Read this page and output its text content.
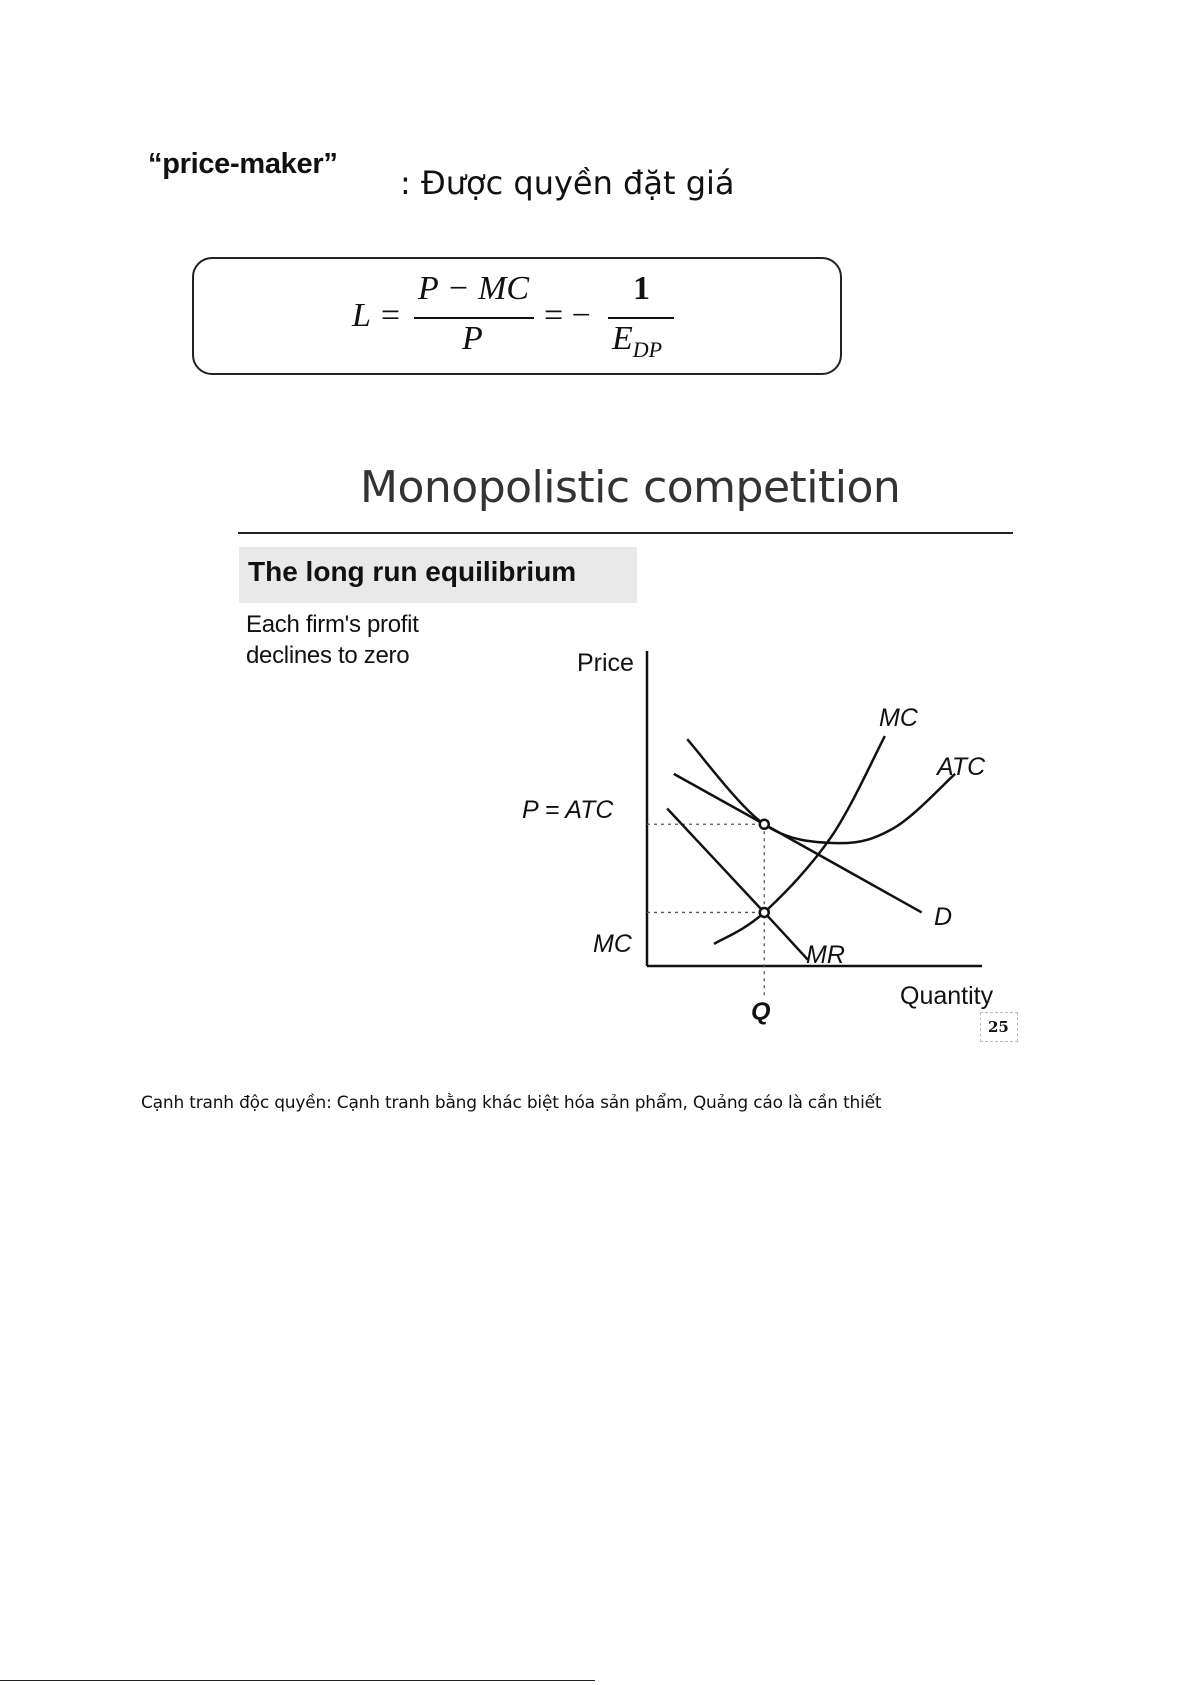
“price-maker” : Được quyền đặt giá
L =
P − MC
P
= −
1
$E_{DP}$
Monopolistic competition
The long run equilibrium
Each firm's profit
declines to zero	Price
Quantity
MC
ATC
D
MR
P = ATC
MC
Q
25
Cạnh tranh độc quyền: Cạnh tranh bằng khác biệt hóa sản phẩm, Quảng cáo là cần thiết
